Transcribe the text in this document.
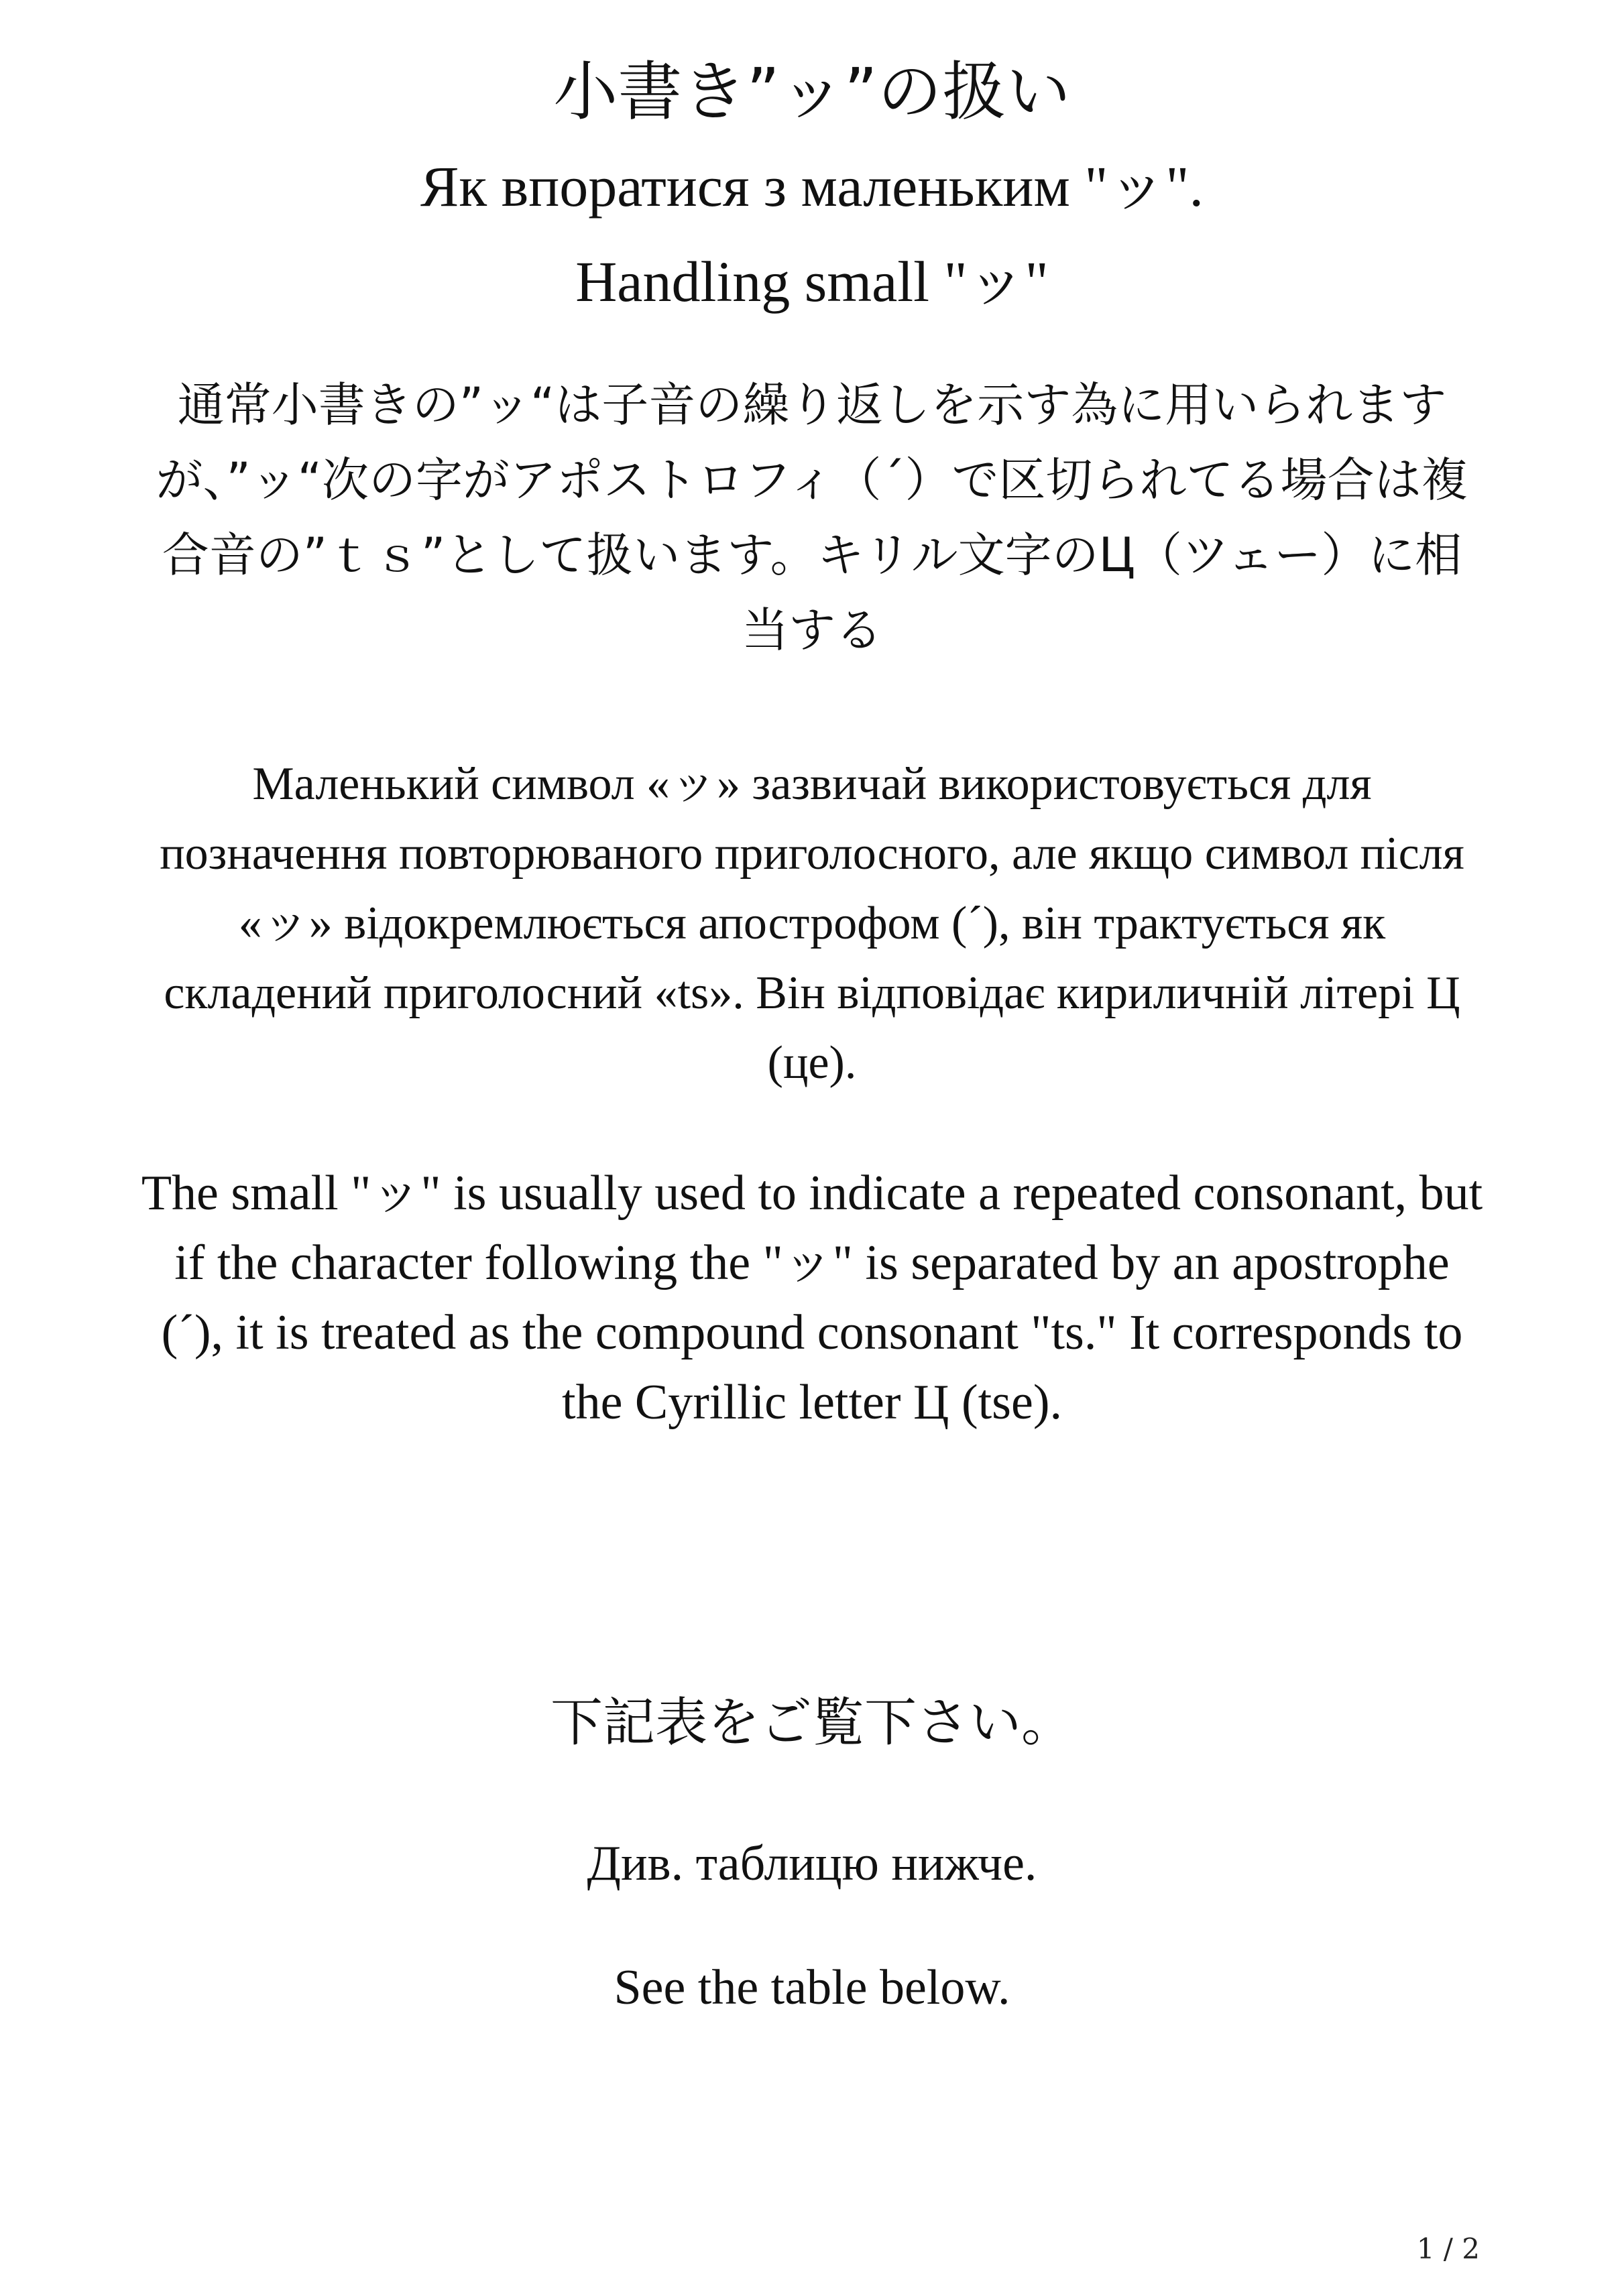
小書き”ッ”の扱い
Як впоратися з маленьким "ッ".
Handling small "ッ"

通常小書きの”ッ“は子音の繰り返しを示す為に用いられますが、”ッ“次の字がアポストロフィ（´）で区切られてる場合は複合音の”ｔｓ”として扱います。キリル文字のЦ（ツェー）に相当する

Маленький символ «ッ» зазвичай використовується для позначення повторюваного приголосного, але якщо символ після «ッ» відокремлюється апострофом (´), він трактується як складений приголосний «ts». Він відповідає кириличній літері Ц (це).

The small "ッ" is usually used to indicate a repeated consonant, but if the character following the "ッ" is separated by an apostrophe (´), it is treated as the compound consonant "ts." It corresponds to the Cyrillic letter Ц (tse).

下記表をご覧下さい。

Див. таблицю нижче.

See the table below.

1 / 2
